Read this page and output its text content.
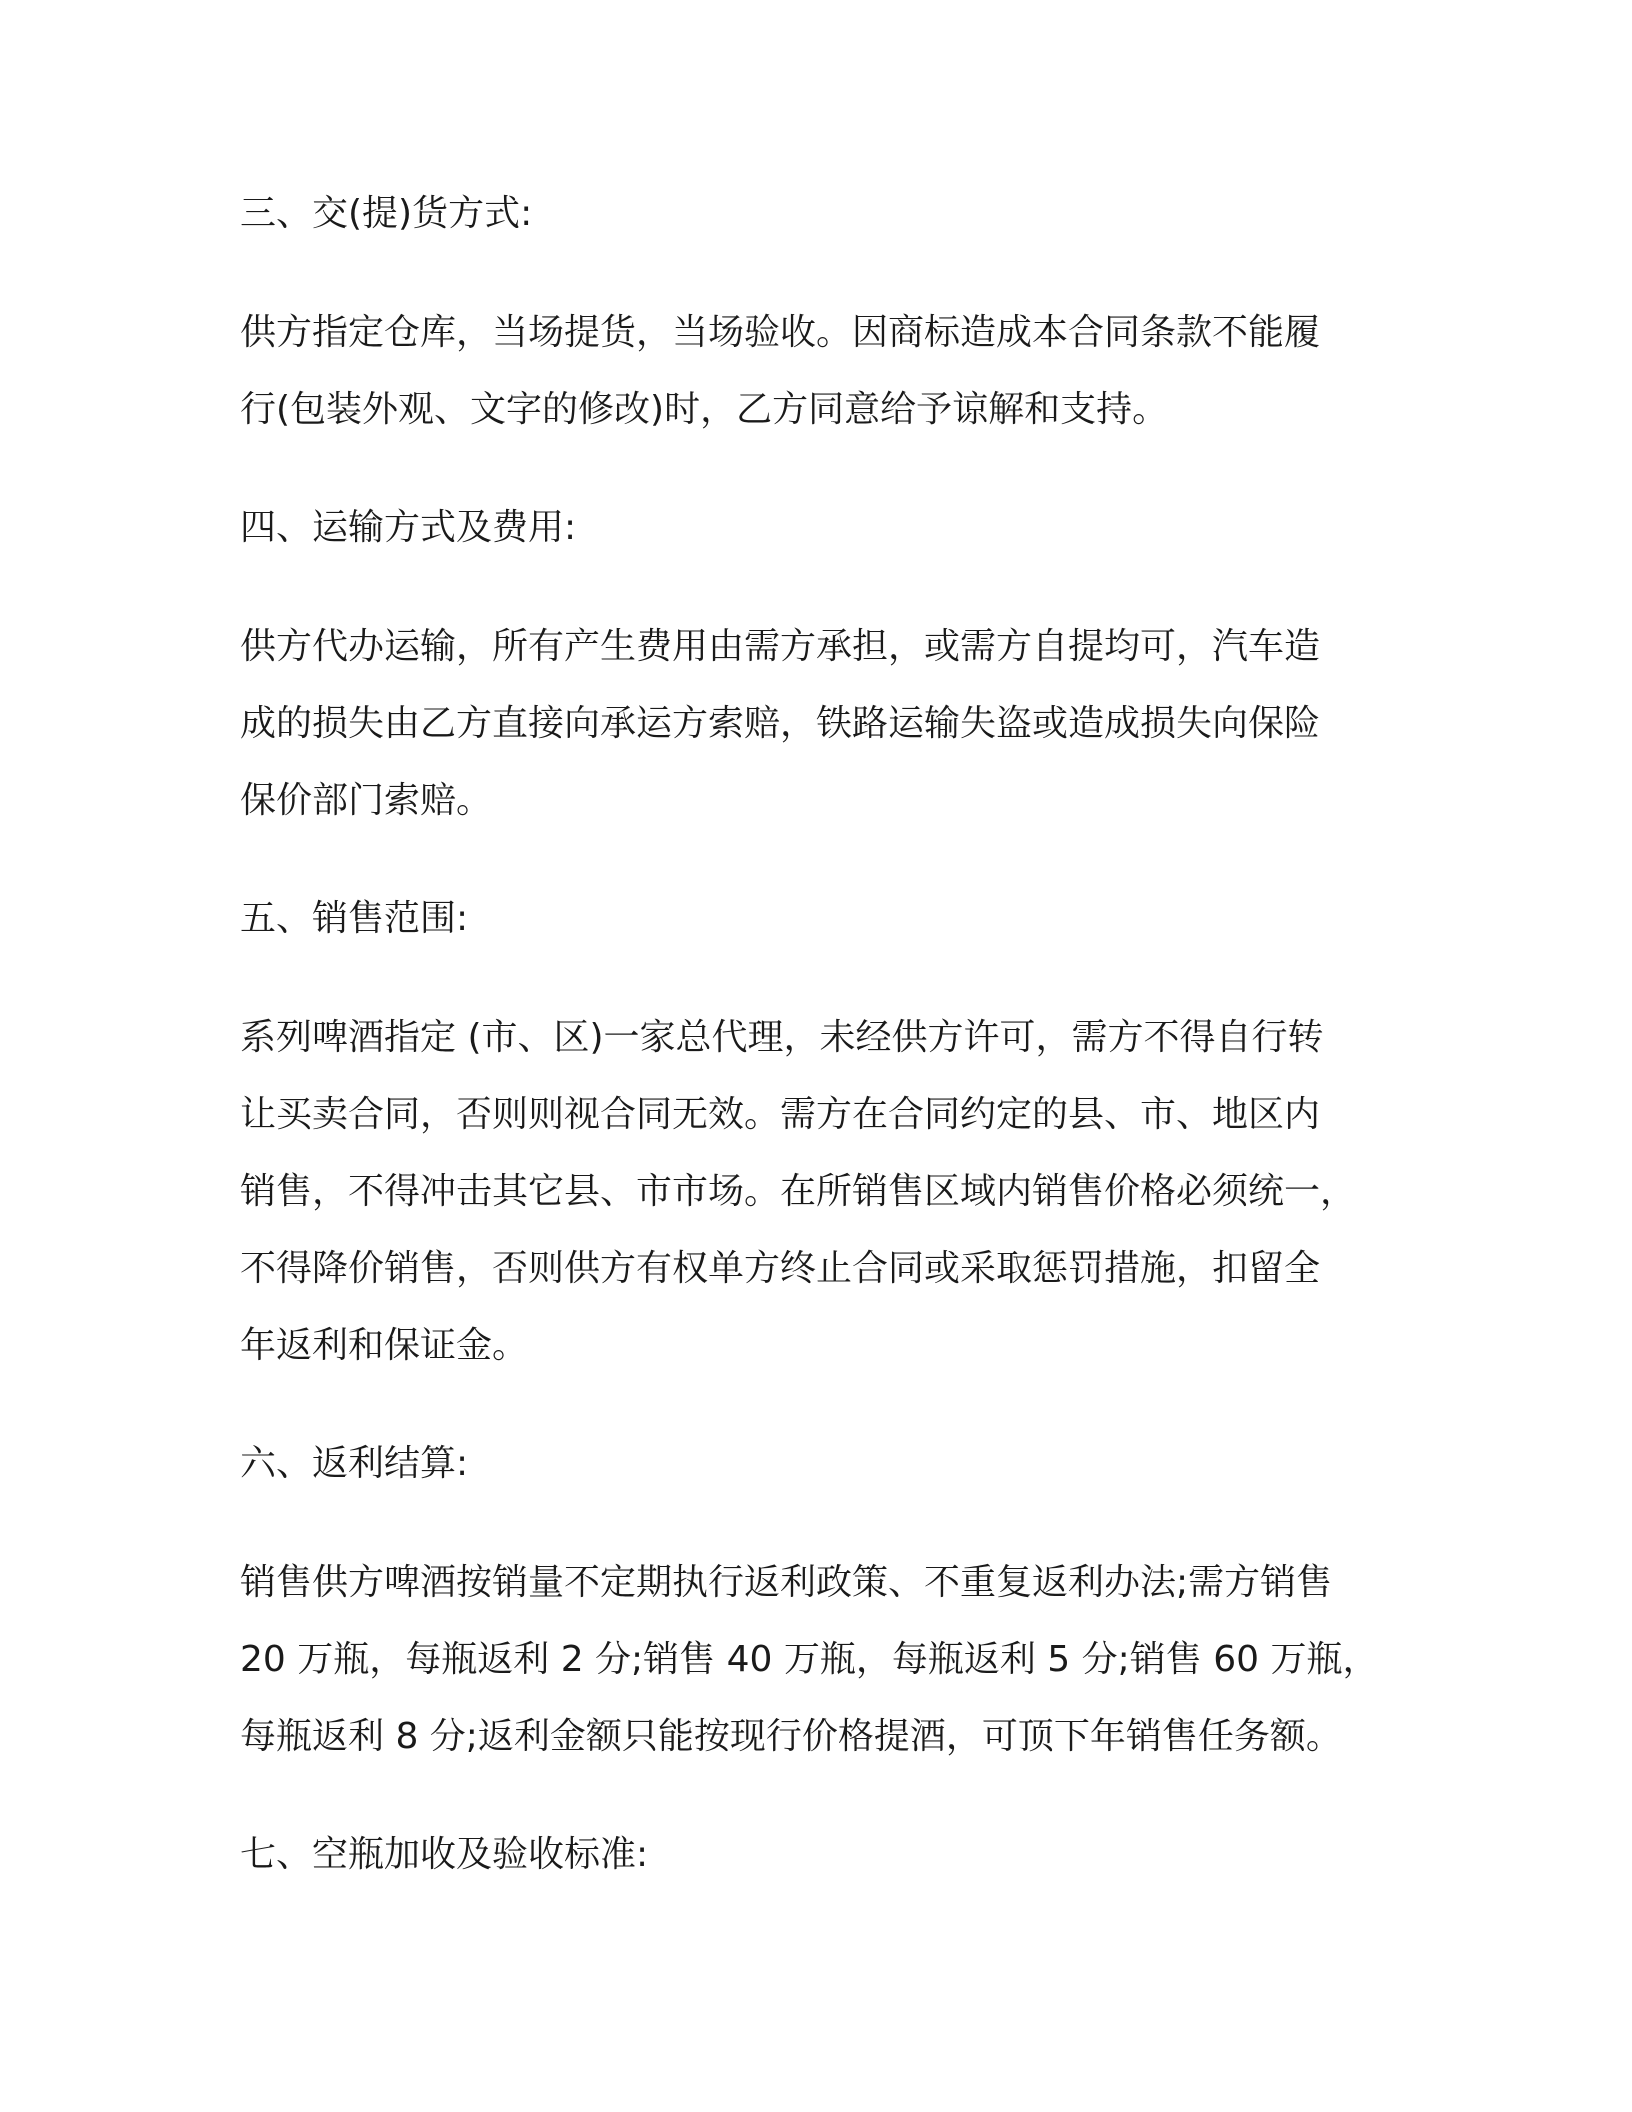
三、交(提)货方式:
供方指定仓库，当场提货，当场验收。因商标造成本合同条款不能履
行(包装外观、文字的修改)时，乙方同意给予谅解和支持。
四、运输方式及费用:
供方代办运输，所有产生费用由需方承担，或需方自提均可，汽车造
成的损失由乙方直接向承运方索赔，铁路运输失盗或造成损失向保险
保价部门索赔。
五、销售范围:
系列啤酒指定 (市、区)一家总代理，未经供方许可，需方不得自行转
让买卖合同，否则则视合同无效。需方在合同约定的县、市、地区内
销售，不得冲击其它县、市市场。在所销售区域内销售价格必须统一，
不得降价销售，否则供方有权单方终止合同或采取惩罚措施，扣留全
年返利和保证金。
六、返利结算:
销售供方啤酒按销量不定期执行返利政策、不重复返利办法;需方销售
20 万瓶，每瓶返利 2 分;销售 40 万瓶，每瓶返利 5 分;销售 60 万瓶，
每瓶返利 8 分;返利金额只能按现行价格提酒，可顶下年销售任务额。
七、空瓶加收及验收标准:
